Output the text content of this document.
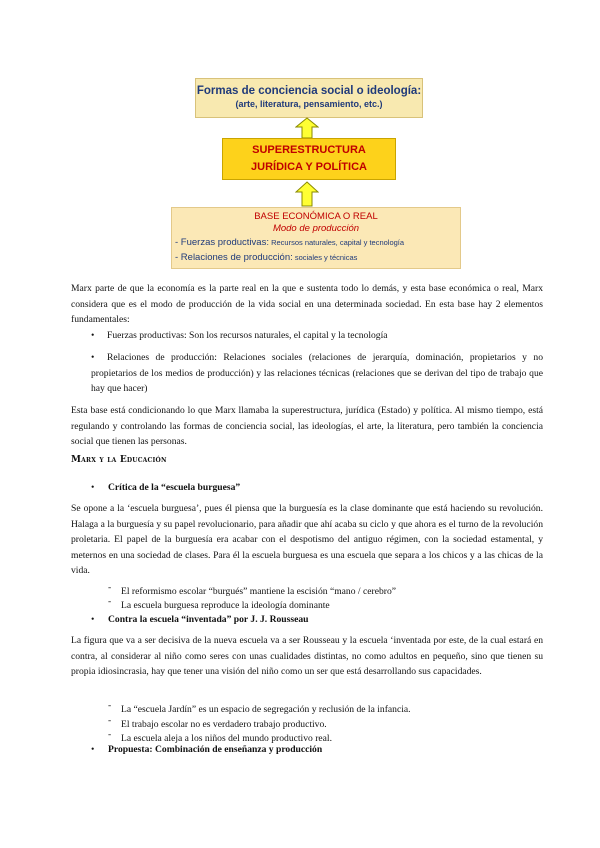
Formas de conciencia social o ideología:
(arte, literatura, pensamiento, etc.)
SUPERESTRUCTURA
JURÍDICA Y POLÍTICA
BASE ECONÓMICA O REAL
Modo de producción
- Fuerzas productivas: Recursos naturales, capital y tecnología
- Relaciones de producción: sociales y técnicas

Marx parte de que la economía es la parte real en la que e sustenta todo lo demás, y esta base económica o real, Marx considera que es el modo de producción de la vida social en una determinada sociedad. En esta base hay 2 elementos fundamentales:

• Fuerzas productivas: Son los recursos naturales, el capital y la tecnología

•	Relaciones de producción: Relaciones sociales (relaciones de jerarquía, dominación, propietarios y no propietarios de los medios de producción) y las relaciones técnicas (relaciones que se derivan del tipo de trabajo que hay que hacer)

Esta base está condicionando lo que Marx llamaba la superestructura, jurídica (Estado) y política. Al mismo tiempo, está regulando y controlando las formas de conciencia social, las ideologías, el arte, la literatura, pero también la conciencia social que tienen las personas.

Marx y la Educación
• Crítica de la “escuela burguesa”

Se opone a la ‘escuela burguesa’, pues él piensa que la burguesía es la clase dominante que está haciendo su revolución. Halaga a la burguesía y su papel revolucionario, para añadir que ahí acaba su ciclo y que ahora es el turno de la revolución proletaria. El papel de la burguesía era acabar con el despotismo del antiguo régimen, con la sociedad estamental, y meternos en una sociedad de clases. Para él la escuela burguesa es una escuela que separa a los chicos y a las chicas de la vida.

- El reformismo escolar “burgués” mantiene la escisión “mano / cerebro”
- La escuela burguesa reproduce la ideología dominante
• Contra la escuela “inventada” por J. J. Rousseau

La figura que va a ser decisiva de la nueva escuela va a ser Rousseau y la escuela ‘inventada por este, de la cual estará en contra, al considerar al niño como seres con unas cualidades distintas, no como adultos en pequeño, sino que tienen su propia idiosincrasia, hay que tener una visión del niño como un ser que está desarrollando sus capacidades.

- La “escuela Jardín” es un espacio de segregación y reclusión de la infancia.
- El trabajo escolar no es verdadero trabajo productivo.
- La escuela aleja a los niños del mundo productivo real.
• Propuesta: Combinación de enseñanza y producción
